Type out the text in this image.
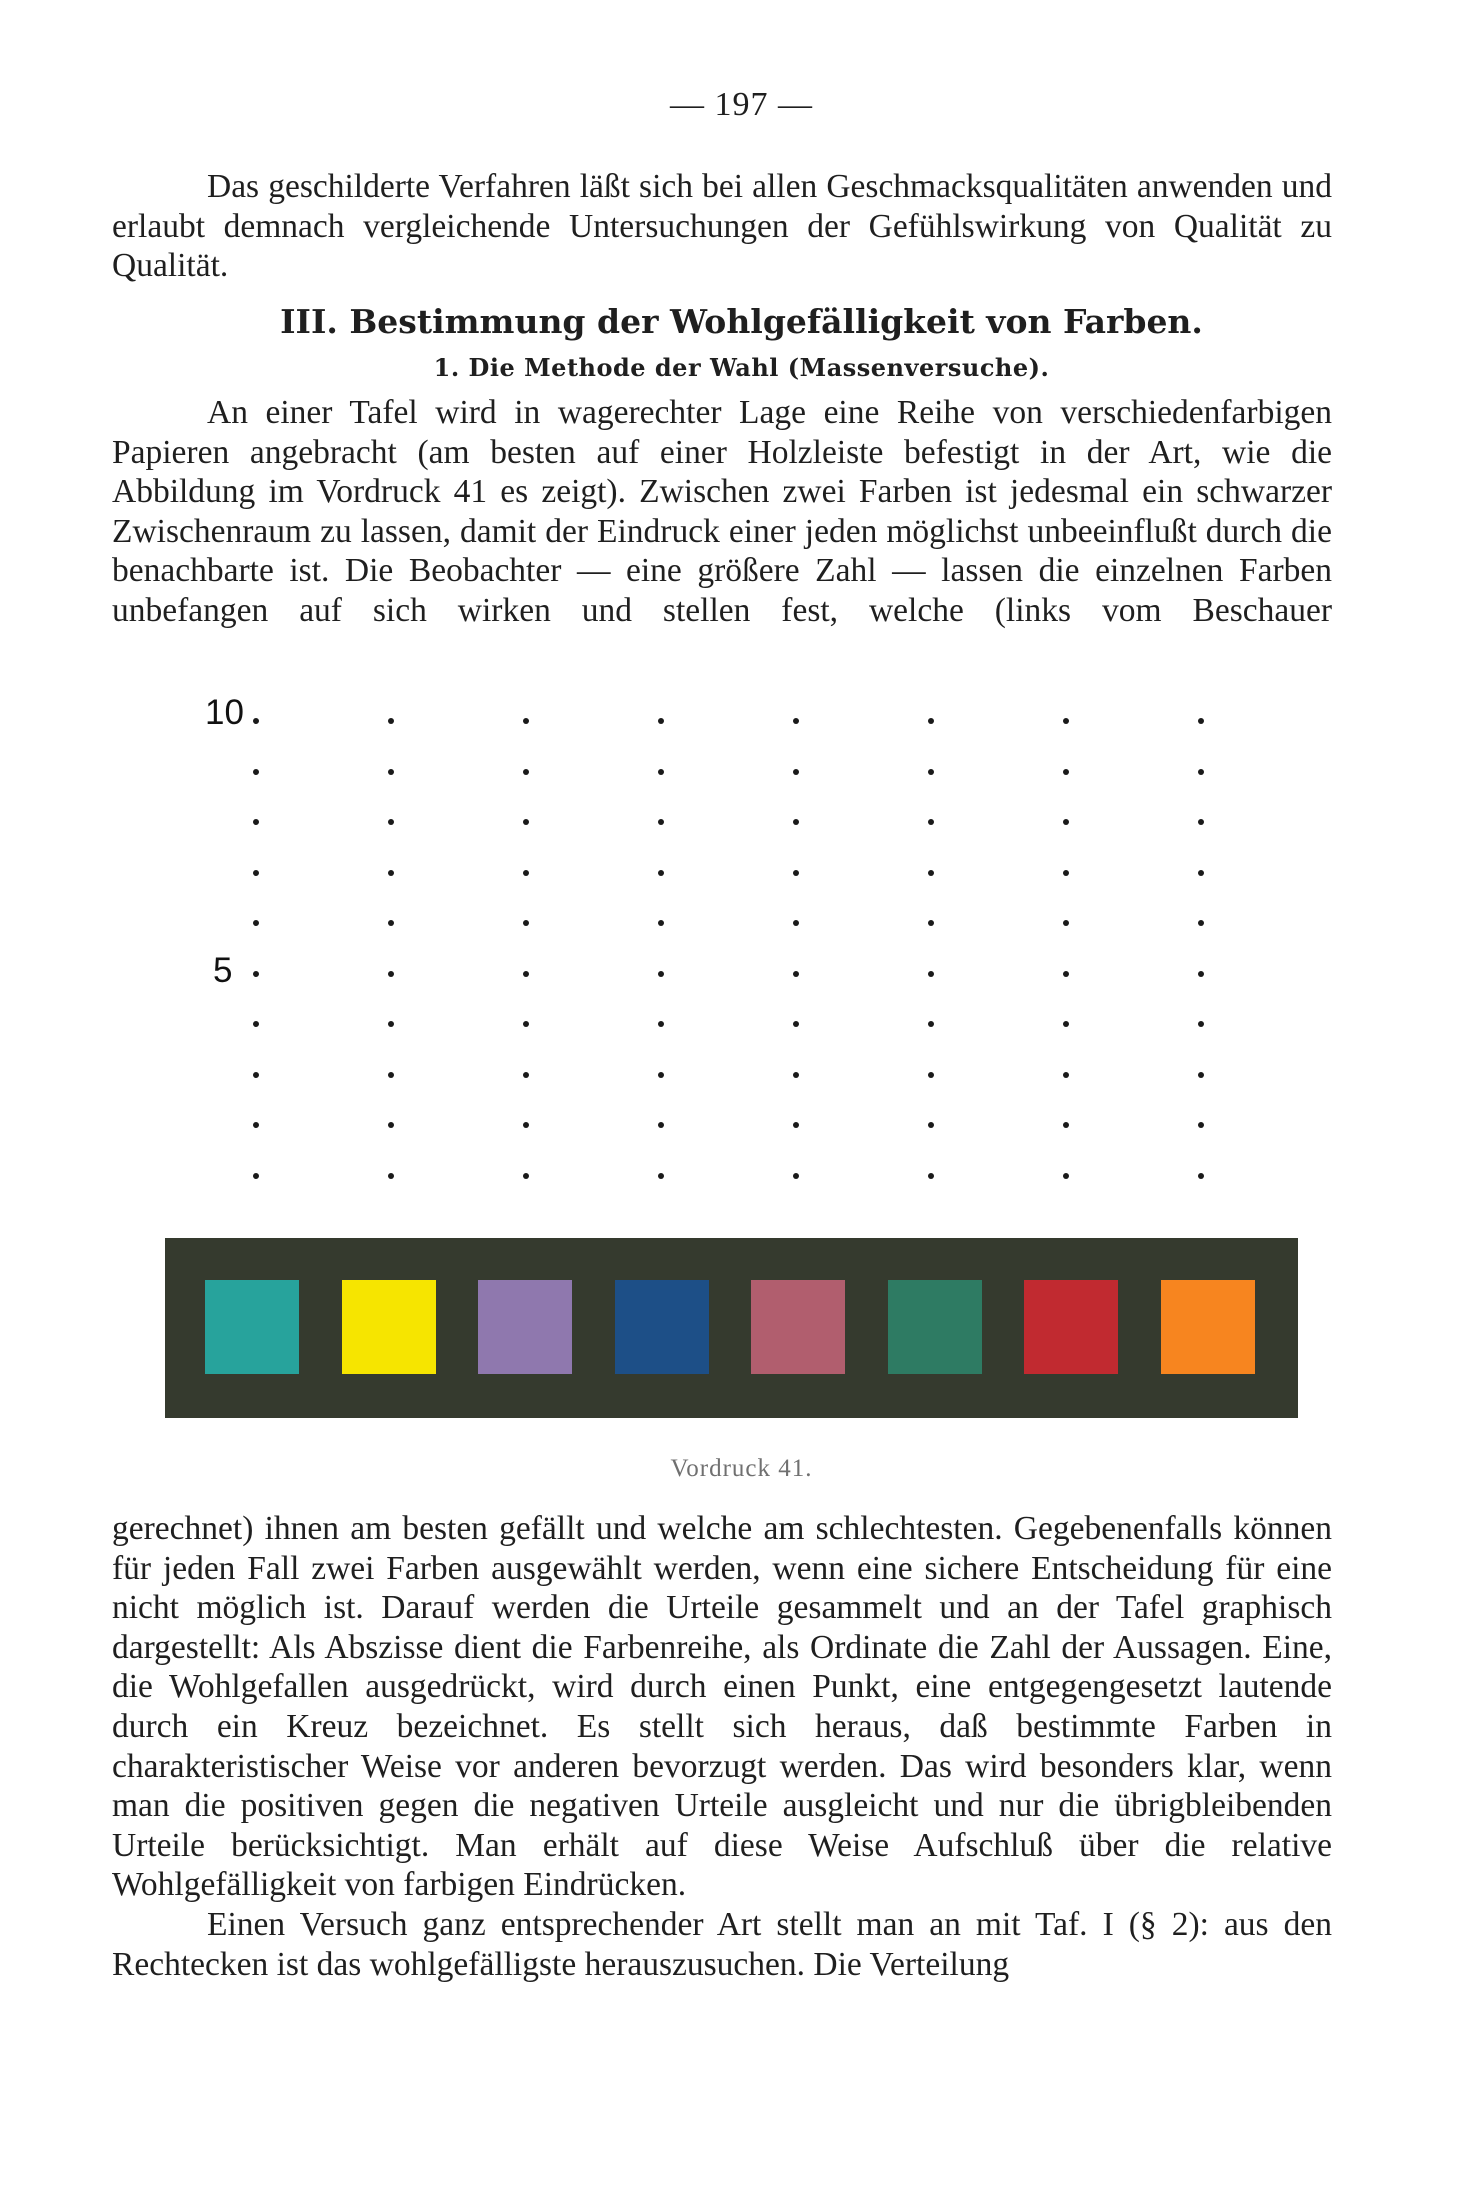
— 197 —

Das geschilderte Verfahren läßt sich bei allen Geschmacksqualitäten anwenden und erlaubt demnach vergleichende Untersuchungen der Gefühlswirkung von Qualität zu Qualität.

III. Bestimmung der Wohlgefälligkeit von Farben.
1. Die Methode der Wahl (Massenversuche).

An einer Tafel wird in wagerechter Lage eine Reihe von verschiedenfarbigen Papieren angebracht (am besten auf einer Holzleiste befestigt in der Art, wie die Abbildung im Vordruck 41 es zeigt). Zwischen zwei Farben ist jedesmal ein schwarzer Zwischenraum zu lassen, damit der Eindruck einer jeden möglichst unbeeinflußt durch die benachbarte ist. Die Beobachter — eine größere Zahl — lassen die einzelnen Farben unbefangen auf sich wirken und stellen fest, welche (links vom Beschauer

10
5

Vordruck 41.

gerechnet) ihnen am besten gefällt und welche am schlechtesten. Gegebenenfalls können für jeden Fall zwei Farben ausgewählt werden, wenn eine sichere Entscheidung für eine nicht möglich ist. Darauf werden die Urteile gesammelt und an der Tafel graphisch dargestellt: Als Abszisse dient die Farbenreihe, als Ordinate die Zahl der Aussagen. Eine, die Wohlgefallen ausgedrückt, wird durch einen Punkt, eine entgegengesetzt lautende durch ein Kreuz bezeichnet. Es stellt sich heraus, daß bestimmte Farben in charakteristischer Weise vor anderen bevorzugt werden. Das wird besonders klar, wenn man die positiven gegen die negativen Urteile ausgleicht und nur die übrigbleibenden Urteile berücksichtigt. Man erhält auf diese Weise Aufschluß über die relative Wohlgefälligkeit von farbigen Eindrücken.

Einen Versuch ganz entsprechender Art stellt man an mit Taf. I (§ 2): aus den Rechtecken ist das wohlgefälligste herauszusuchen. Die Verteilung
